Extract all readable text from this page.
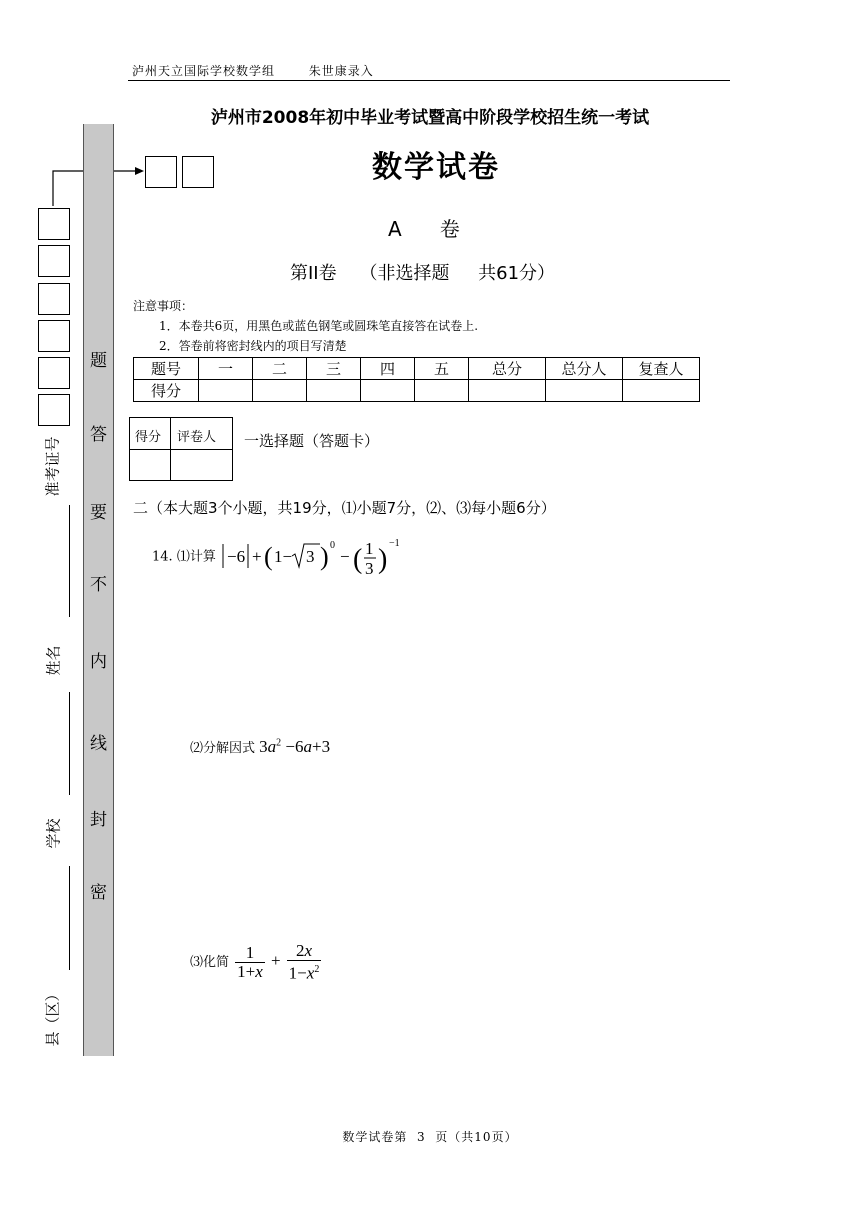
泸州天立国际学校数学组	朱世康录入
泸州市2008年初中毕业考试暨高中阶段学校招生统一考试
数学试卷
A 卷
第II卷    （非选择题     共61分）
题
答
要
不
内
线
封
密
准考证号
姓名
学校
县（区）
注意事项：
1．本卷共6页，用黑色或蓝色钢笔或圆珠笔直接答在试卷上.
2．答卷前将密封线内的项目写清楚
题号	一	二	三	四	五	总分	总分人	复查人
得分								
得分 评卷人 一选择题（答题卡）
二（本大题3个小题，共19分，⑴小题7分，⑵、⑶每小题6分）
14. ⑴计算 −6 + ( 1− 3 ) 0
− ( 1
3 )
−1
⑵分解因式 $3a^2 -6a+3$
⑶化简 $\frac{1}{1+x} + \frac{2x}{1-x^2}$
数学试卷第  3  页（共10页）
